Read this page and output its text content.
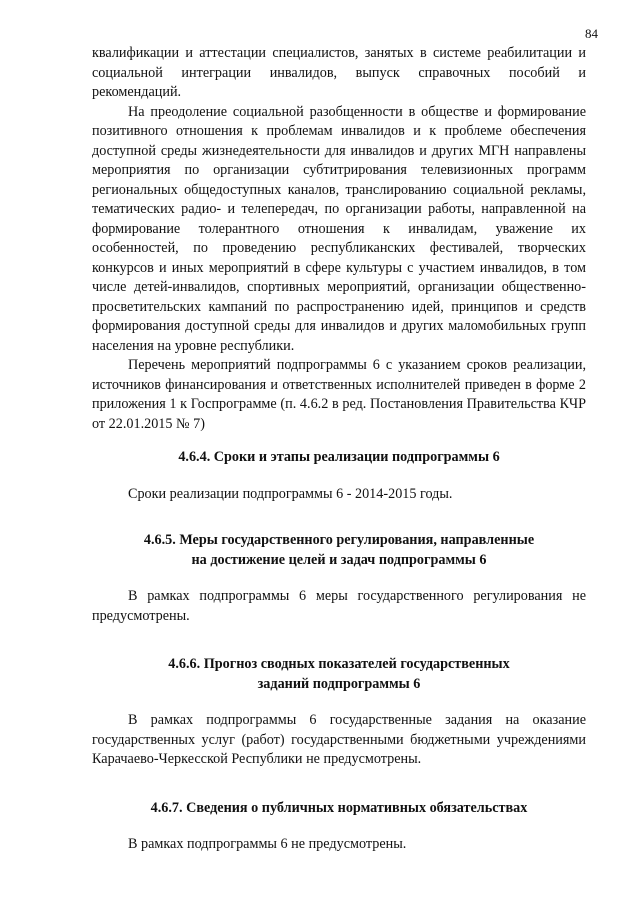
84

квалификации и аттестации специалистов, занятых в системе реабилитации и социальной интеграции инвалидов, выпуск справочных пособий и рекомендаций.

На преодоление социальной разобщенности в обществе и формирование позитивного отношения к проблемам инвалидов и к проблеме обеспечения доступной среды жизнедеятельности для инвалидов и других МГН направлены мероприятия по организации субтитрирования телевизионных программ региональных общедоступных каналов, транслированию социальной рекламы, тематических радио- и телепередач, по организации работы, направленной на формирование толерантного отношения к инвалидам, уважение их особенностей, по проведению республиканских фестивалей, творческих конкурсов и иных мероприятий в сфере культуры с участием инвалидов, в том числе детей-инвалидов, спортивных мероприятий, организации общественно-просветительских кампаний по распространению идей, принципов и средств формирования доступной среды для инвалидов и других маломобильных групп населения на уровне республики.

Перечень мероприятий подпрограммы 6 с указанием сроков реализации, источников финансирования и ответственных исполнителей приведен в форме 2 приложения 1 к Госпрограмме (п. 4.6.2 в ред. Постановления Правительства КЧР от 22.01.2015 № 7)

4.6.4. Сроки и этапы реализации подпрограммы 6

Сроки реализации подпрограммы 6 - 2014-2015 годы.

4.6.5. Меры государственного регулирования, направленные
на достижение целей и задач подпрограммы 6

В рамках подпрограммы 6 меры государственного регулирования не предусмотрены.

4.6.6. Прогноз сводных показателей государственных
заданий подпрограммы 6

В рамках подпрограммы 6 государственные задания на оказание государственных услуг (работ) государственными бюджетными учреждениями Карачаево-Черкесской Республики не предусмотрены.

4.6.7. Сведения о публичных нормативных обязательствах

В рамках подпрограммы 6 не предусмотрены.
